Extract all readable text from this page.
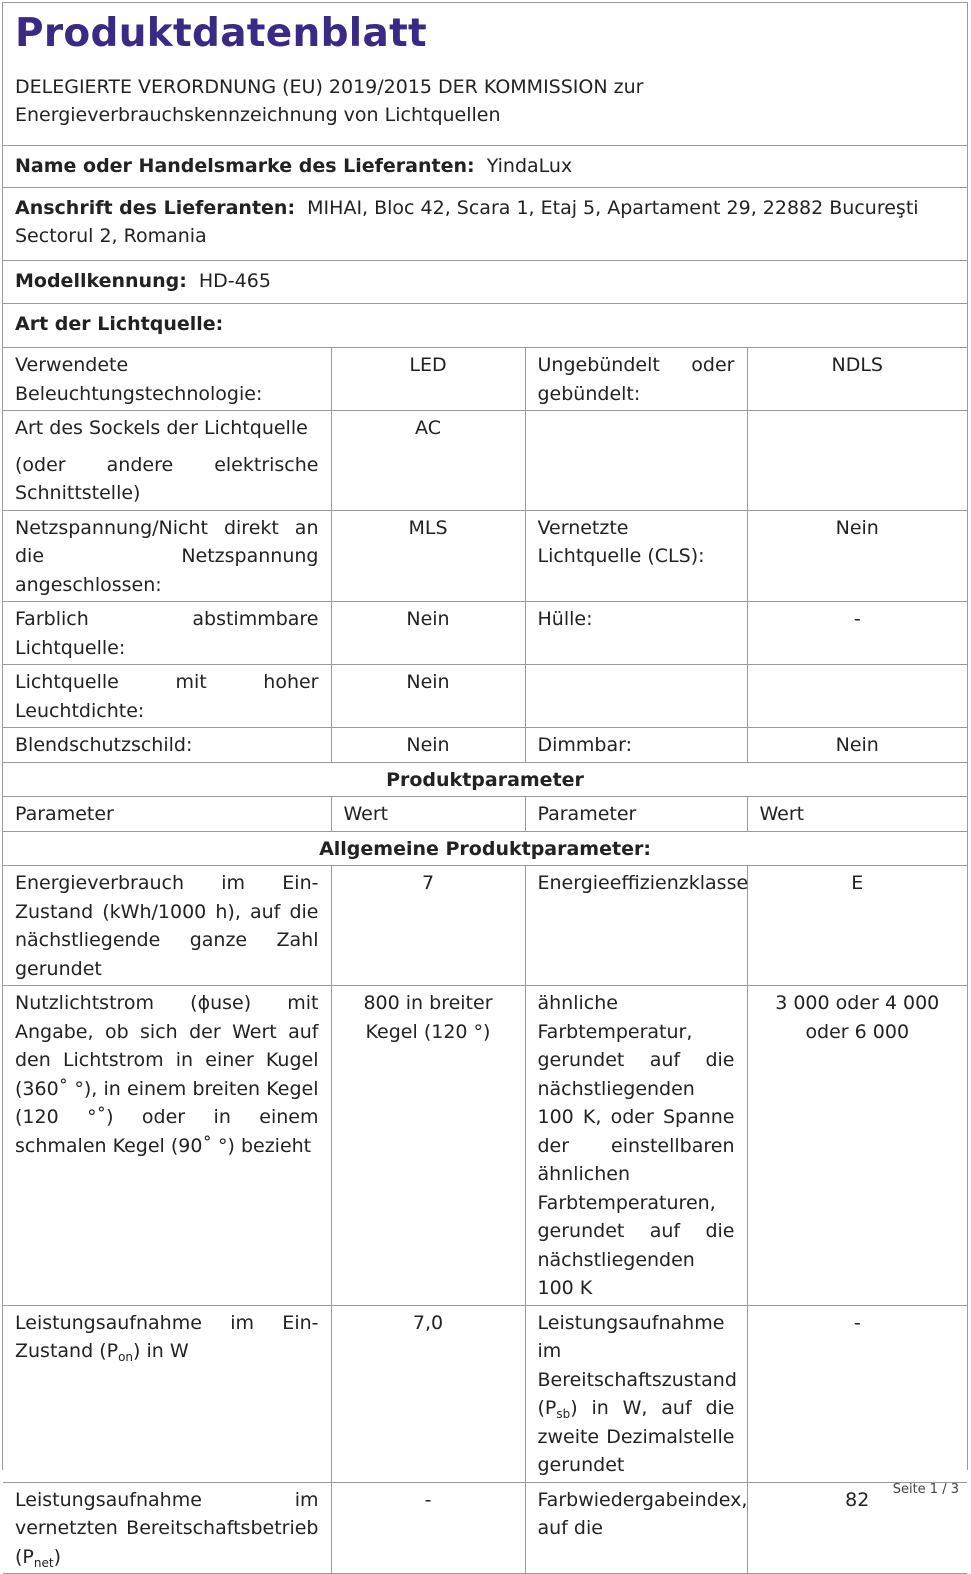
Produktdatenblatt
DELEGIERTE VERORDNUNG (EU) 2019/2015 DER KOMMISSION zur
Energieverbrauchskennzeichnung von Lichtquellen
Name oder Handelsmarke des Lieferanten: YindaLux
Anschrift des Lieferanten: MIHAI, Bloc 42, Scara 1, Etaj 5, Apartament 29, 22882 Bucureşti Sectorul 2, Romania
Modellkennung: HD-465
Art der Lichtquelle:
Verwendete Beleuchtungstechnologie:	LED	Ungebündelt oder gebündelt:	NDLS

Art des Sockels der Lichtquelle
(oder andere elektrische Schnittstelle)	AC		
Netzspannung/Nicht direkt an die Netzspannung angeschlossen:	MLS	Vernetzte Lichtquelle (CLS):	Nein
Farblich abstimmbare Lichtquelle:	Nein	Hülle:	-
Lichtquelle mit hoher Leuchtdichte:	Nein		
Blendschutzschild:	Nein	Dimmbar:	Nein
Produktparameter			
Parameter	Wert	Parameter	Wert
Allgemeine Produktparameter:			
Energieverbrauch im Ein-Zustand (kWh/1000 h), auf die nächstliegende ganze Zahl gerundet	7	Energieeffizienzklasse	E
Nutzlichtstrom (ϕuse) mit Angabe, ob sich der Wert auf den Lichtstrom in einer Kugel (360˚ °), in einem breiten Kegel (120 °˚) oder in einem schmalen Kegel (90˚ °) bezieht	800 in breiter Kegel (120 °)	ähnliche Farbtemperatur, gerundet auf die nächstliegenden 100 K, oder Spanne der einstellbaren ähnlichen Farbtemperaturen, gerundet auf die nächstliegenden 100 K	3 000 oder 4 000 oder 6 000
Leistungsaufnahme im Ein-Zustand $(P_{on})$ in W	7,0	Leistungsaufnahme im Bereitschaftszustand $(P_{sb})$ in W, auf die zweite Dezimalstelle gerundet	-
Leistungsaufnahme im vernetzten Bereitschaftsbetrieb $(P_{net})$	-	Farbwiedergabeindex, auf die	82 Seite 1 / 3
